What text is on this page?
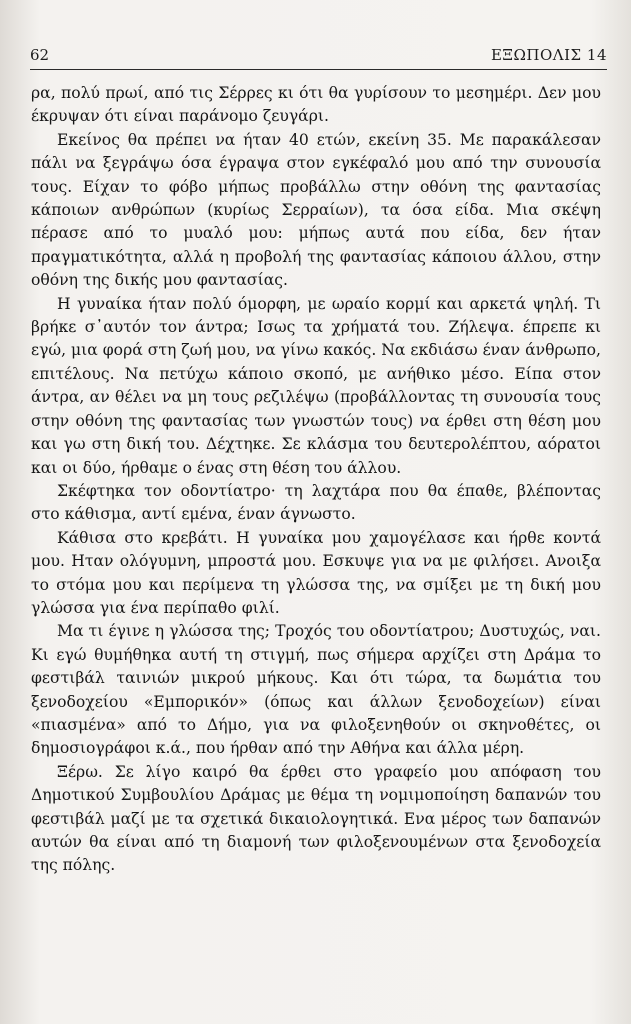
62	ΕΞΩΠΟΛΙΣ 14

ρα, πολύ πρωί, από τις Σέρρες κι ότι θα γυρίσουν το μεσημέρι. Δεν μου έκρυψαν ότι είναι παράνομο ζευγάρι.

Εκείνος θα πρέπει να ήταν 40 ετών, εκείνη 35. Με παρακάλεσαν πάλι να ξεγράψω όσα έγραψα στον εγκέφαλό μου από την συνουσία τους. Είχαν το φόβο μήπως προβάλλω στην οθόνη της φαντασίας κάποιων ανθρώπων (κυρίως Σερραίων), τα όσα είδα. Μια σκέψη πέρασε από το μυαλό μου: μήπως αυτά που είδα, δεν ήταν πραγματικότητα, αλλά η προβολή της φαντασίας κάποιου άλλου, στην οθόνη της δικής μου φαντασίας.

Η γυναίκα ήταν πολύ όμορφη, με ωραίο κορμί και αρκετά ψηλή. Τι βρήκε σ᾽αυτόν τον άντρα; Ισως τα χρήματά του. Ζήλεψα. έπρεπε κι εγώ, μια φορά στη ζωή μου, να γίνω κακός. Να εκδιάσω έναν άνθρωπο, επιτέλους. Να πετύχω κάποιο σκοπό, με ανήθικο μέσο. Είπα στον άντρα, αν θέλει να μη τους ρεζιλέψω (προβάλλοντας τη συνουσία τους στην οθόνη της φαντασίας των γνωστών τους) να έρθει στη θέση μου και γω στη δική του. Δέχτηκε. Σε κλάσμα του δευτερολέπτου, αόρατοι και οι δύο, ήρθαμε ο ένας στη θέση του άλλου.

Σκέφτηκα τον οδοντίατρο· τη λαχτάρα που θα έπαθε, βλέποντας στο κάθισμα, αντί εμένα, έναν άγνωστο.

Κάθισα στο κρεβάτι. Η γυναίκα μου χαμογέλασε και ήρθε κοντά μου. Ηταν ολόγυμνη, μπροστά μου. Εσκυψε για να με φιλήσει. Ανοιξα το στόμα μου και περίμενα τη γλώσσα της, να σμίξει με τη δική μου γλώσσα για ένα περίπαθο φιλί.

Μα τι έγινε η γλώσσα της; Τροχός του οδοντίατρου; Δυστυχώς, ναι. Κι εγώ θυμήθηκα αυτή τη στιγμή, πως σήμερα αρχίζει στη Δράμα το φεστιβάλ ταινιών μικρού μήκους. Και ότι τώρα, τα δωμάτια του ξενοδοχείου «Εμπορικόν» (όπως και άλλων ξενοδοχείων) είναι «πιασμένα» από το Δήμο, για να φιλοξενηθούν οι σκηνοθέτες, οι δημοσιογράφοι κ.ά., που ήρθαν από την Αθήνα και άλλα μέρη.

Ξέρω. Σε λίγο καιρό θα έρθει στο γραφείο μου απόφαση του Δημοτικού Συμβουλίου Δράμας με θέμα τη νομιμοποίηση δαπανών του φεστιβάλ μαζί με τα σχετικά δικαιολογητικά. Ενα μέρος των δαπανών αυτών θα είναι από τη διαμονή των φιλοξενουμένων στα ξενοδοχεία της πόλης.
